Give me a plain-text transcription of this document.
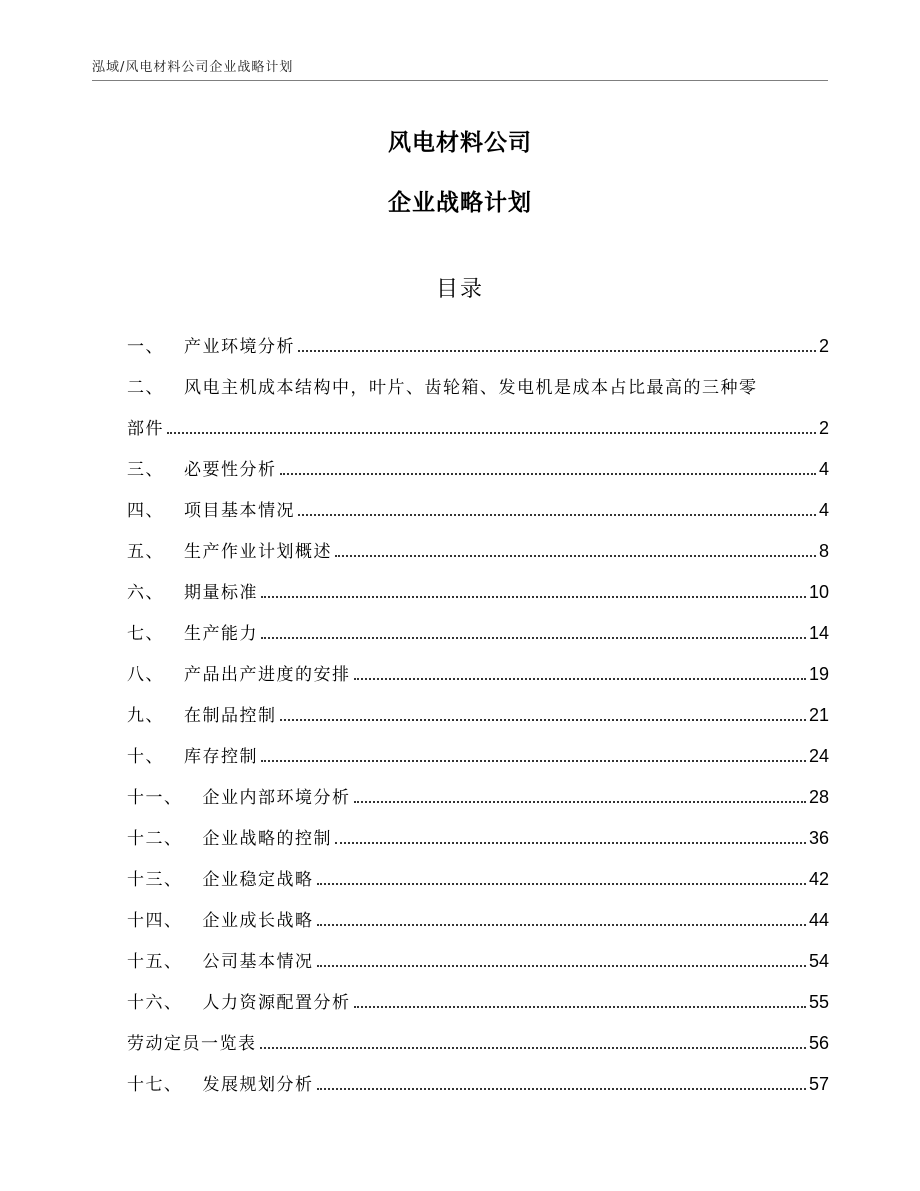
泓域/风电材料公司企业战略计划
风电材料公司
企业战略计划
目录
一、 产业环境分析	2
二、 风电主机成本结构中，叶片、齿轮箱、发电机是成本占比最高的三种零
部件	2
三、 必要性分析	4
四、 项目基本情况	4
五、 生产作业计划概述	8
六、 期量标准	10
七、 生产能力	14
八、 产品出产进度的安排	19
九、 在制品控制	21
十、 库存控制	24
十一、 企业内部环境分析	28
十二、 企业战略的控制	36
十三、 企业稳定战略	42
十四、 企业成长战略	44
十五、 公司基本情况	54
十六、 人力资源配置分析	55
劳动定员一览表	56
十七、 发展规划分析	57
